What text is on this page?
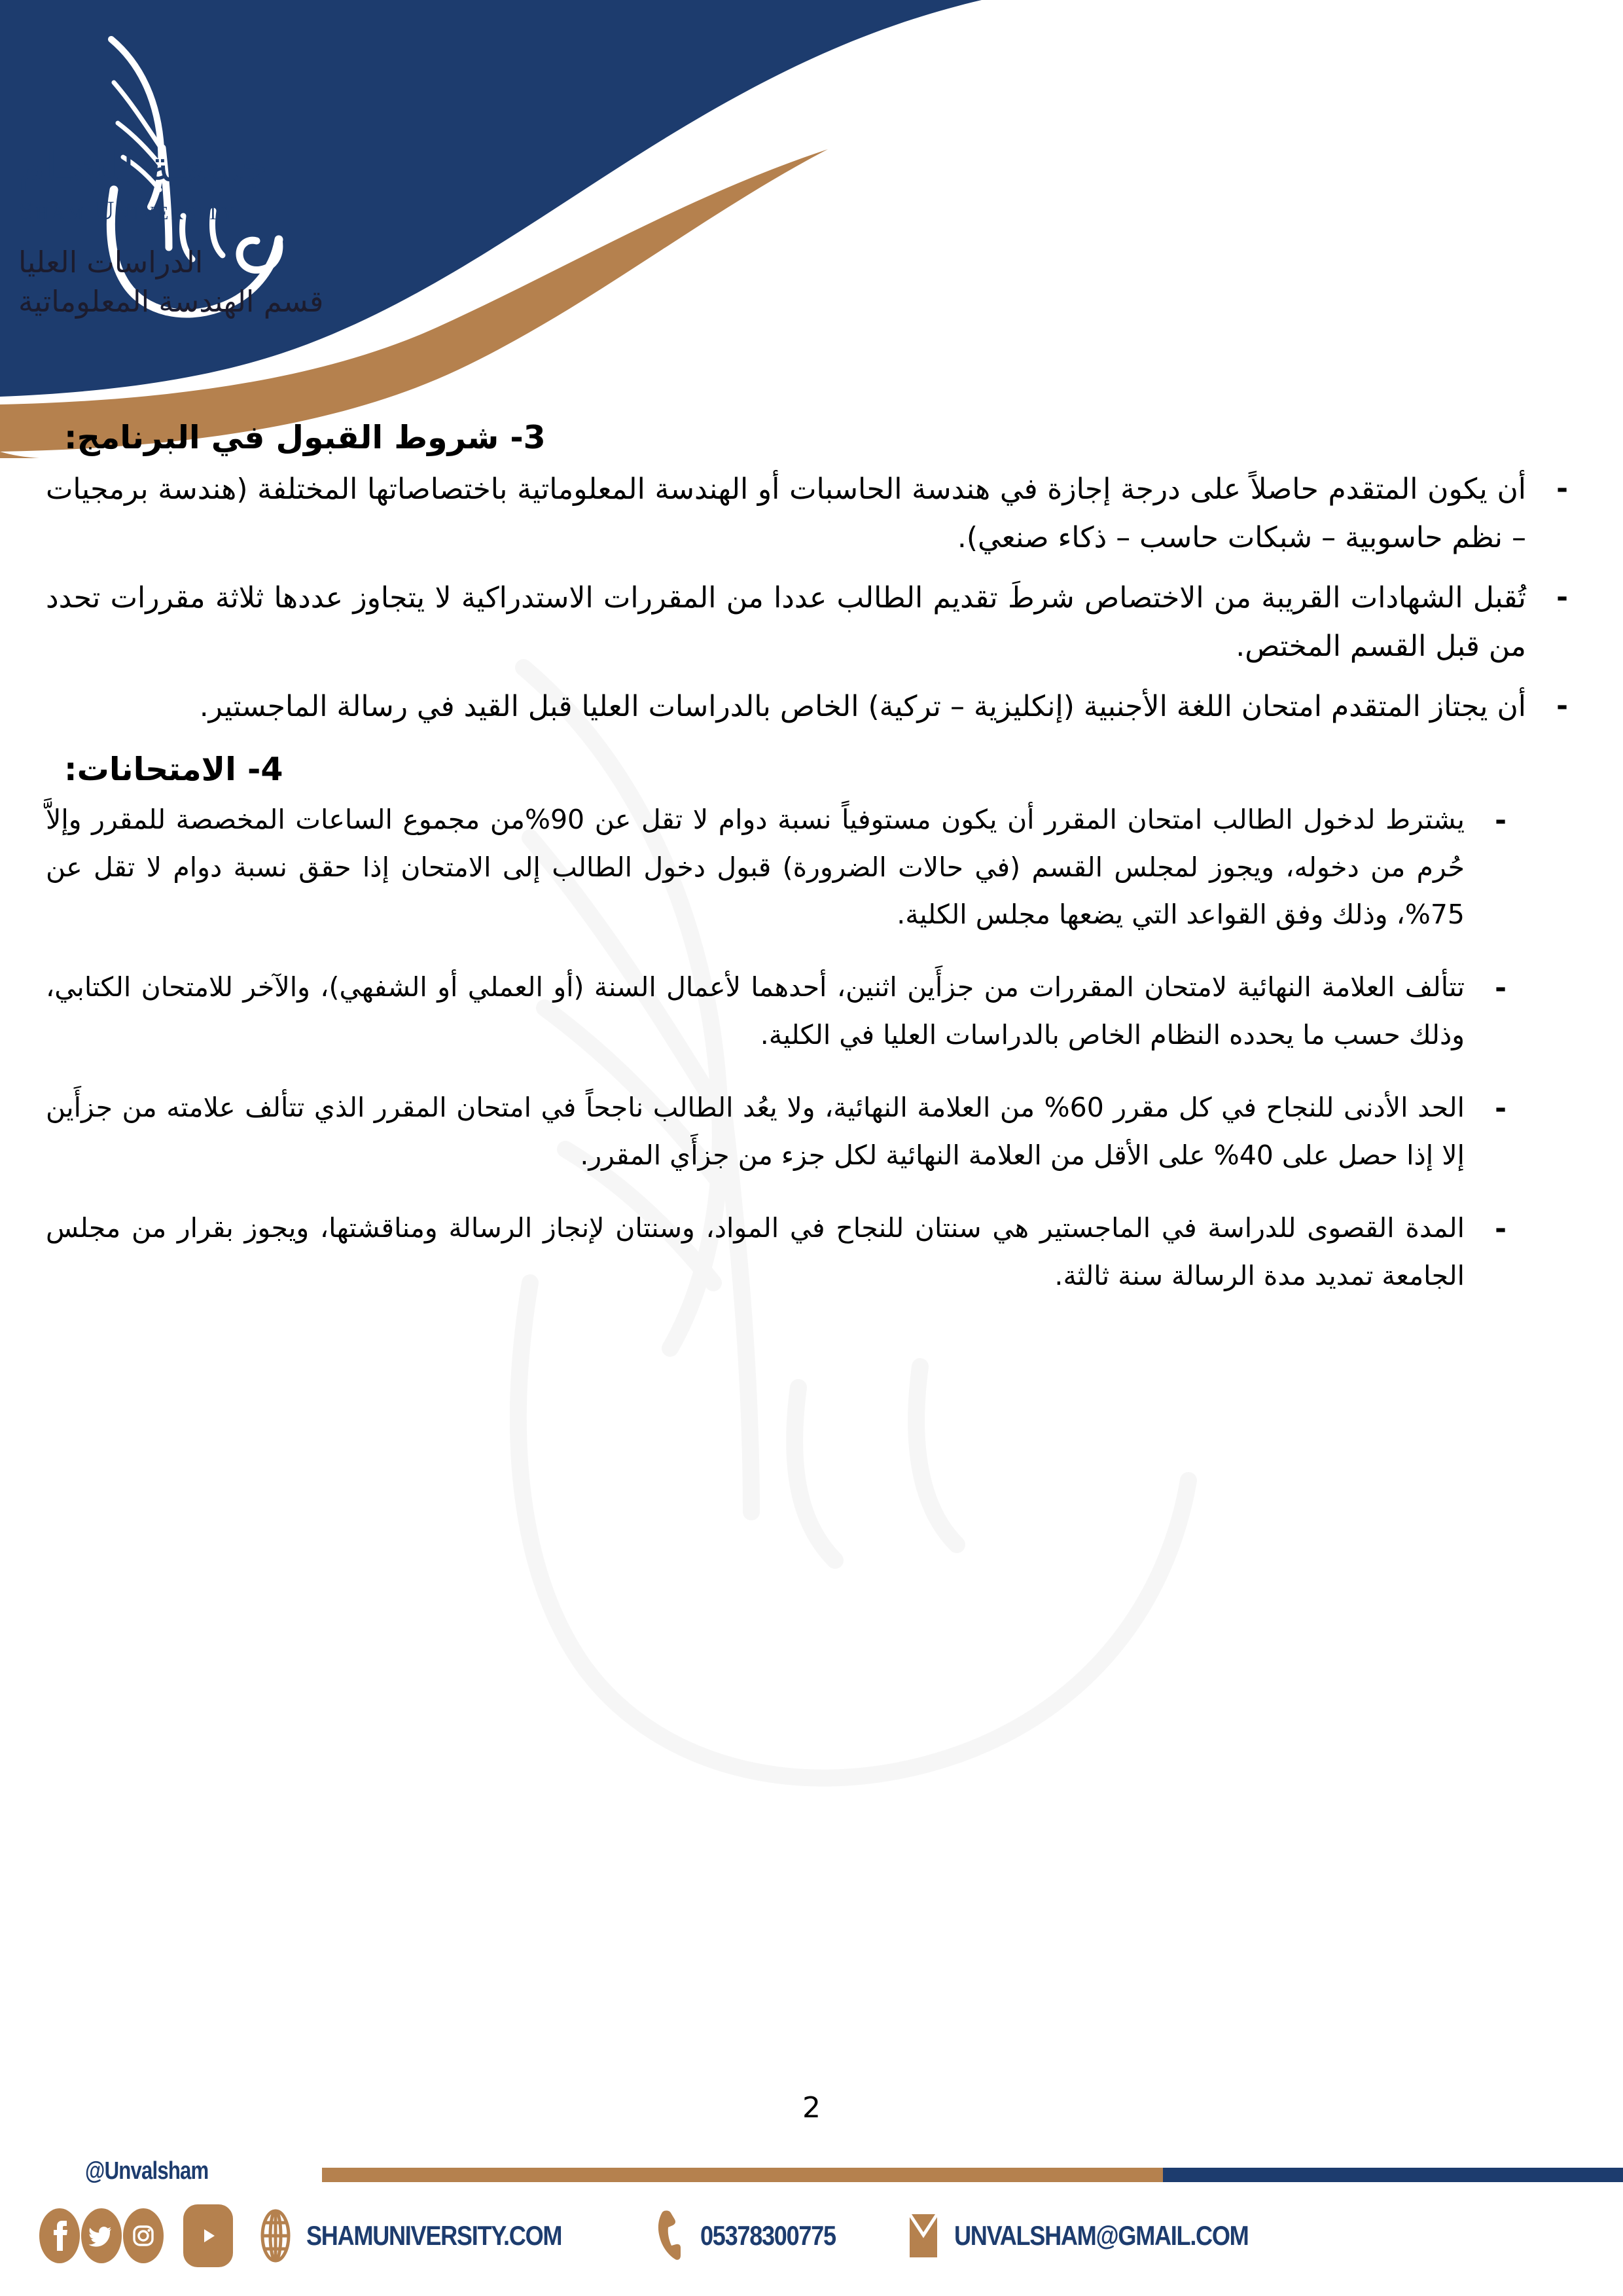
جامعـة الشـام
Sham University
الدراسات العليا
قسم الهندسة المعلوماتية
3- شروط القبول في البرنامج:
- أن يكون المتقدم حاصلاً على درجة إجازة في هندسة الحاسبات أو الهندسة المعلوماتية باختصاصاتها المختلفة (هندسة برمجيات – نظم حاسوبية – شبكات حاسب – ذكاء صنعي).
- تُقبل الشهادات القريبة من الاختصاص شرطَ تقديم الطالب عددا من المقررات الاستدراكية لا يتجاوز عددها ثلاثة مقررات تحدد من قبل القسم المختص.
- أن يجتاز المتقدم امتحان اللغة الأجنبية (إنكليزية – تركية) الخاص بالدراسات العليا قبل القيد في رسالة الماجستير.
4- الامتحانات:
- يشترط لدخول الطالب امتحان المقرر أن يكون مستوفياً نسبة دوام لا تقل عن 90%من مجموع الساعات المخصصة للمقرر وإلاَّ حُرم من دخوله، ويجوز لمجلس القسم (في حالات الضرورة) قبول دخول الطالب إلى الامتحان إذا حقق نسبة دوام لا تقل عن 75%، وذلك وفق القواعد التي يضعها مجلس الكلية.
- تتألف العلامة النهائية لامتحان المقررات من جزأَين اثنين، أحدهما لأعمال السنة (أو العملي أو الشفهي)، والآخر للامتحان الكتابي، وذلك حسب ما يحدده النظام الخاص بالدراسات العليا في الكلية.
- الحد الأدنى للنجاح في كل مقرر 60% من العلامة النهائية، ولا يعُد الطالب ناجحاً في امتحان المقرر الذي تتألف علامته من جزأَين إلا إذا حصل على 40% على الأقل من العلامة النهائية لكل جزء من جزأَي المقرر.
- المدة القصوى للدراسة في الماجستير هي سنتان للنجاح في المواد، وسنتان لإنجاز الرسالة ومناقشتها، ويجوز بقرار من مجلس الجامعة تمديد مدة الرسالة سنة ثالثة.
2
@Unvalsham
SHAMUNIVERSITY.COM	05378300775	UNVALSHAM@GMAIL.COM
